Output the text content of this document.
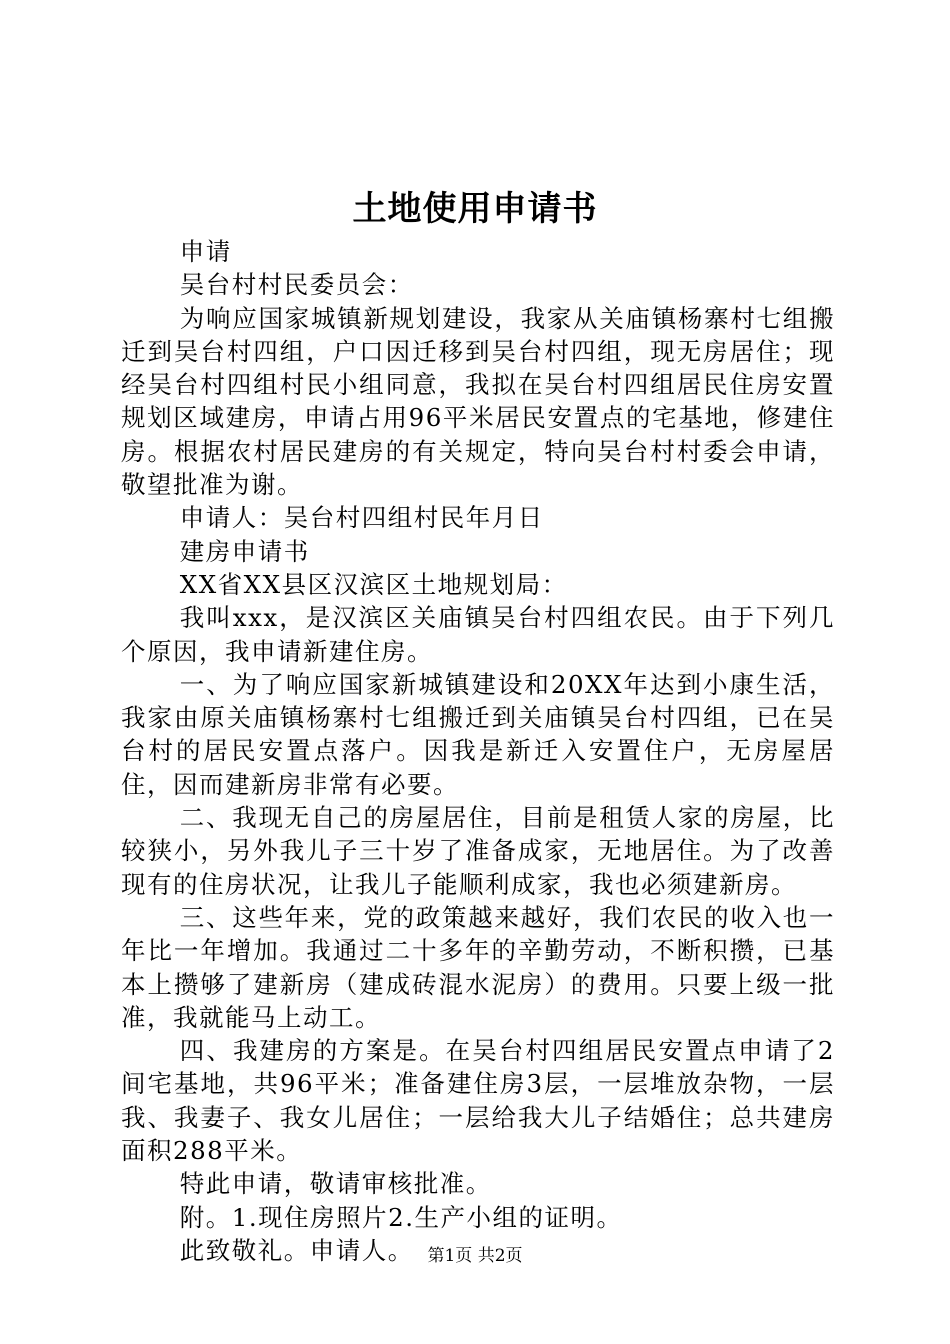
土地使用申请书

申请

吴台村村民委员会：

为响应国家城镇新规划建设，我家从关庙镇杨寨村七组搬迁到吴台村四组，户口因迁移到吴台村四组，现无房居住；现经吴台村四组村民小组同意，我拟在吴台村四组居民住房安置规划区域建房，申请占用96平米居民安置点的宅基地，修建住房。根据农村居民建房的有关规定，特向吴台村村委会申请，敬望批准为谢。

申请人：吴台村四组村民年月日

建房申请书

XX省XX县区汉滨区土地规划局：

我叫xxx，是汉滨区关庙镇吴台村四组农民。由于下列几个原因，我申请新建住房。

一、为了响应国家新城镇建设和20XX年达到小康生活，我家由原关庙镇杨寨村七组搬迁到关庙镇吴台村四组，已在吴台村的居民安置点落户。因我是新迁入安置住户，无房屋居住，因而建新房非常有必要。

二、我现无自己的房屋居住，目前是租赁人家的房屋，比较狭小，另外我儿子三十岁了准备成家，无地居住。为了改善现有的住房状况，让我儿子能顺利成家，我也必须建新房。

三、这些年来，党的政策越来越好，我们农民的收入也一年比一年增加。我通过二十多年的辛勤劳动，不断积攒，已基本上攒够了建新房（建成砖混水泥房）的费用。只要上级一批准，我就能马上动工。

四、我建房的方案是。在吴台村四组居民安置点申请了2间宅基地，共96平米；准备建住房3层，一层堆放杂物，一层我、我妻子、我女儿居住；一层给我大儿子结婚住；总共建房面积288平米。

特此申请，敬请审核批准。

附。1.现住房照片2.生产小组的证明。

此致敬礼。申请人。 第1页 共2页
